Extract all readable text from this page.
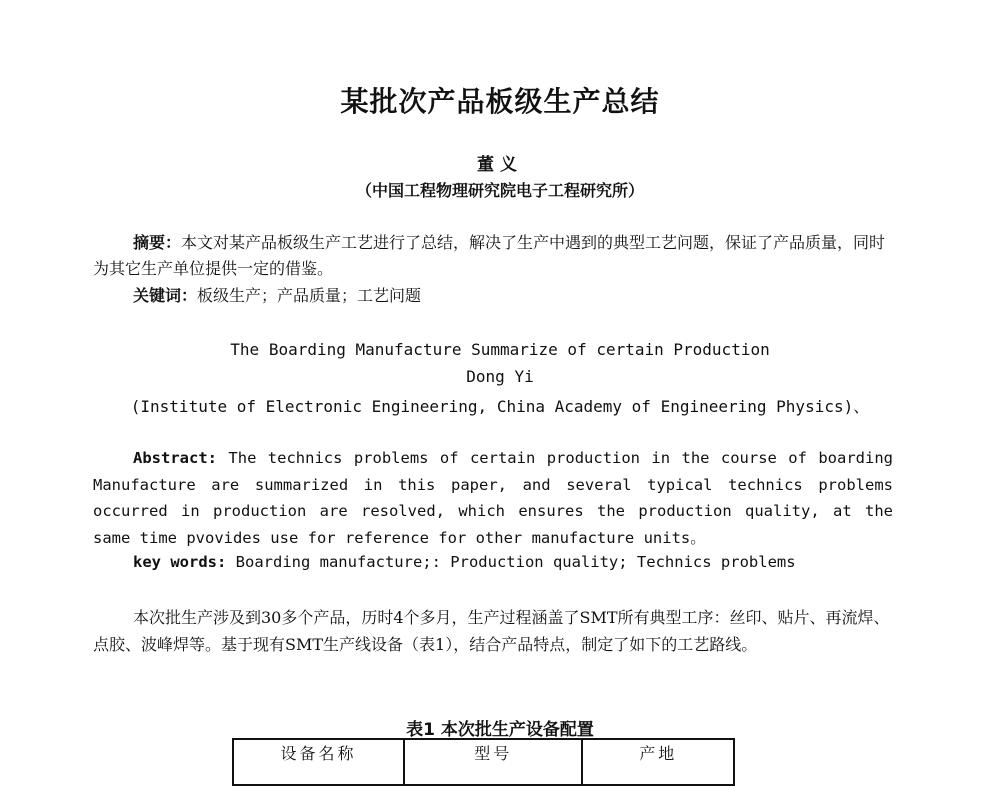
某批次产品板级生产总结
董义
（中国工程物理研究院电子工程研究所）
摘要：本文对某产品板级生产工艺进行了总结，解决了生产中遇到的典型工艺问题，保证了产品质量，同时为其它生产单位提供一定的借鉴。
关键词：板级生产；产品质量；工艺问题
The Boarding Manufacture Summarize of certain Production
Dong Yi
(Institute of Electronic Engineering, China Academy of Engineering Physics)、
Abstract: The technics problems of certain production in the course of boarding Manufacture are summarized in this paper, and several typical technics problems occurred in production are resolved, which ensures the production quality, at the same time pvovides use for reference for other manufacture units。
key words: Boarding manufacture;: Production quality; Technics problems
本次批生产涉及到30多个产品，历时4个多月，生产过程涵盖了SMT所有典型工序：丝印、贴片、再流焊、点胶、波峰焊等。基于现有SMT生产线设备（表1），结合产品特点，制定了如下的工艺路线。
表1 本次批生产设备配置
设备名称	型号	产地
